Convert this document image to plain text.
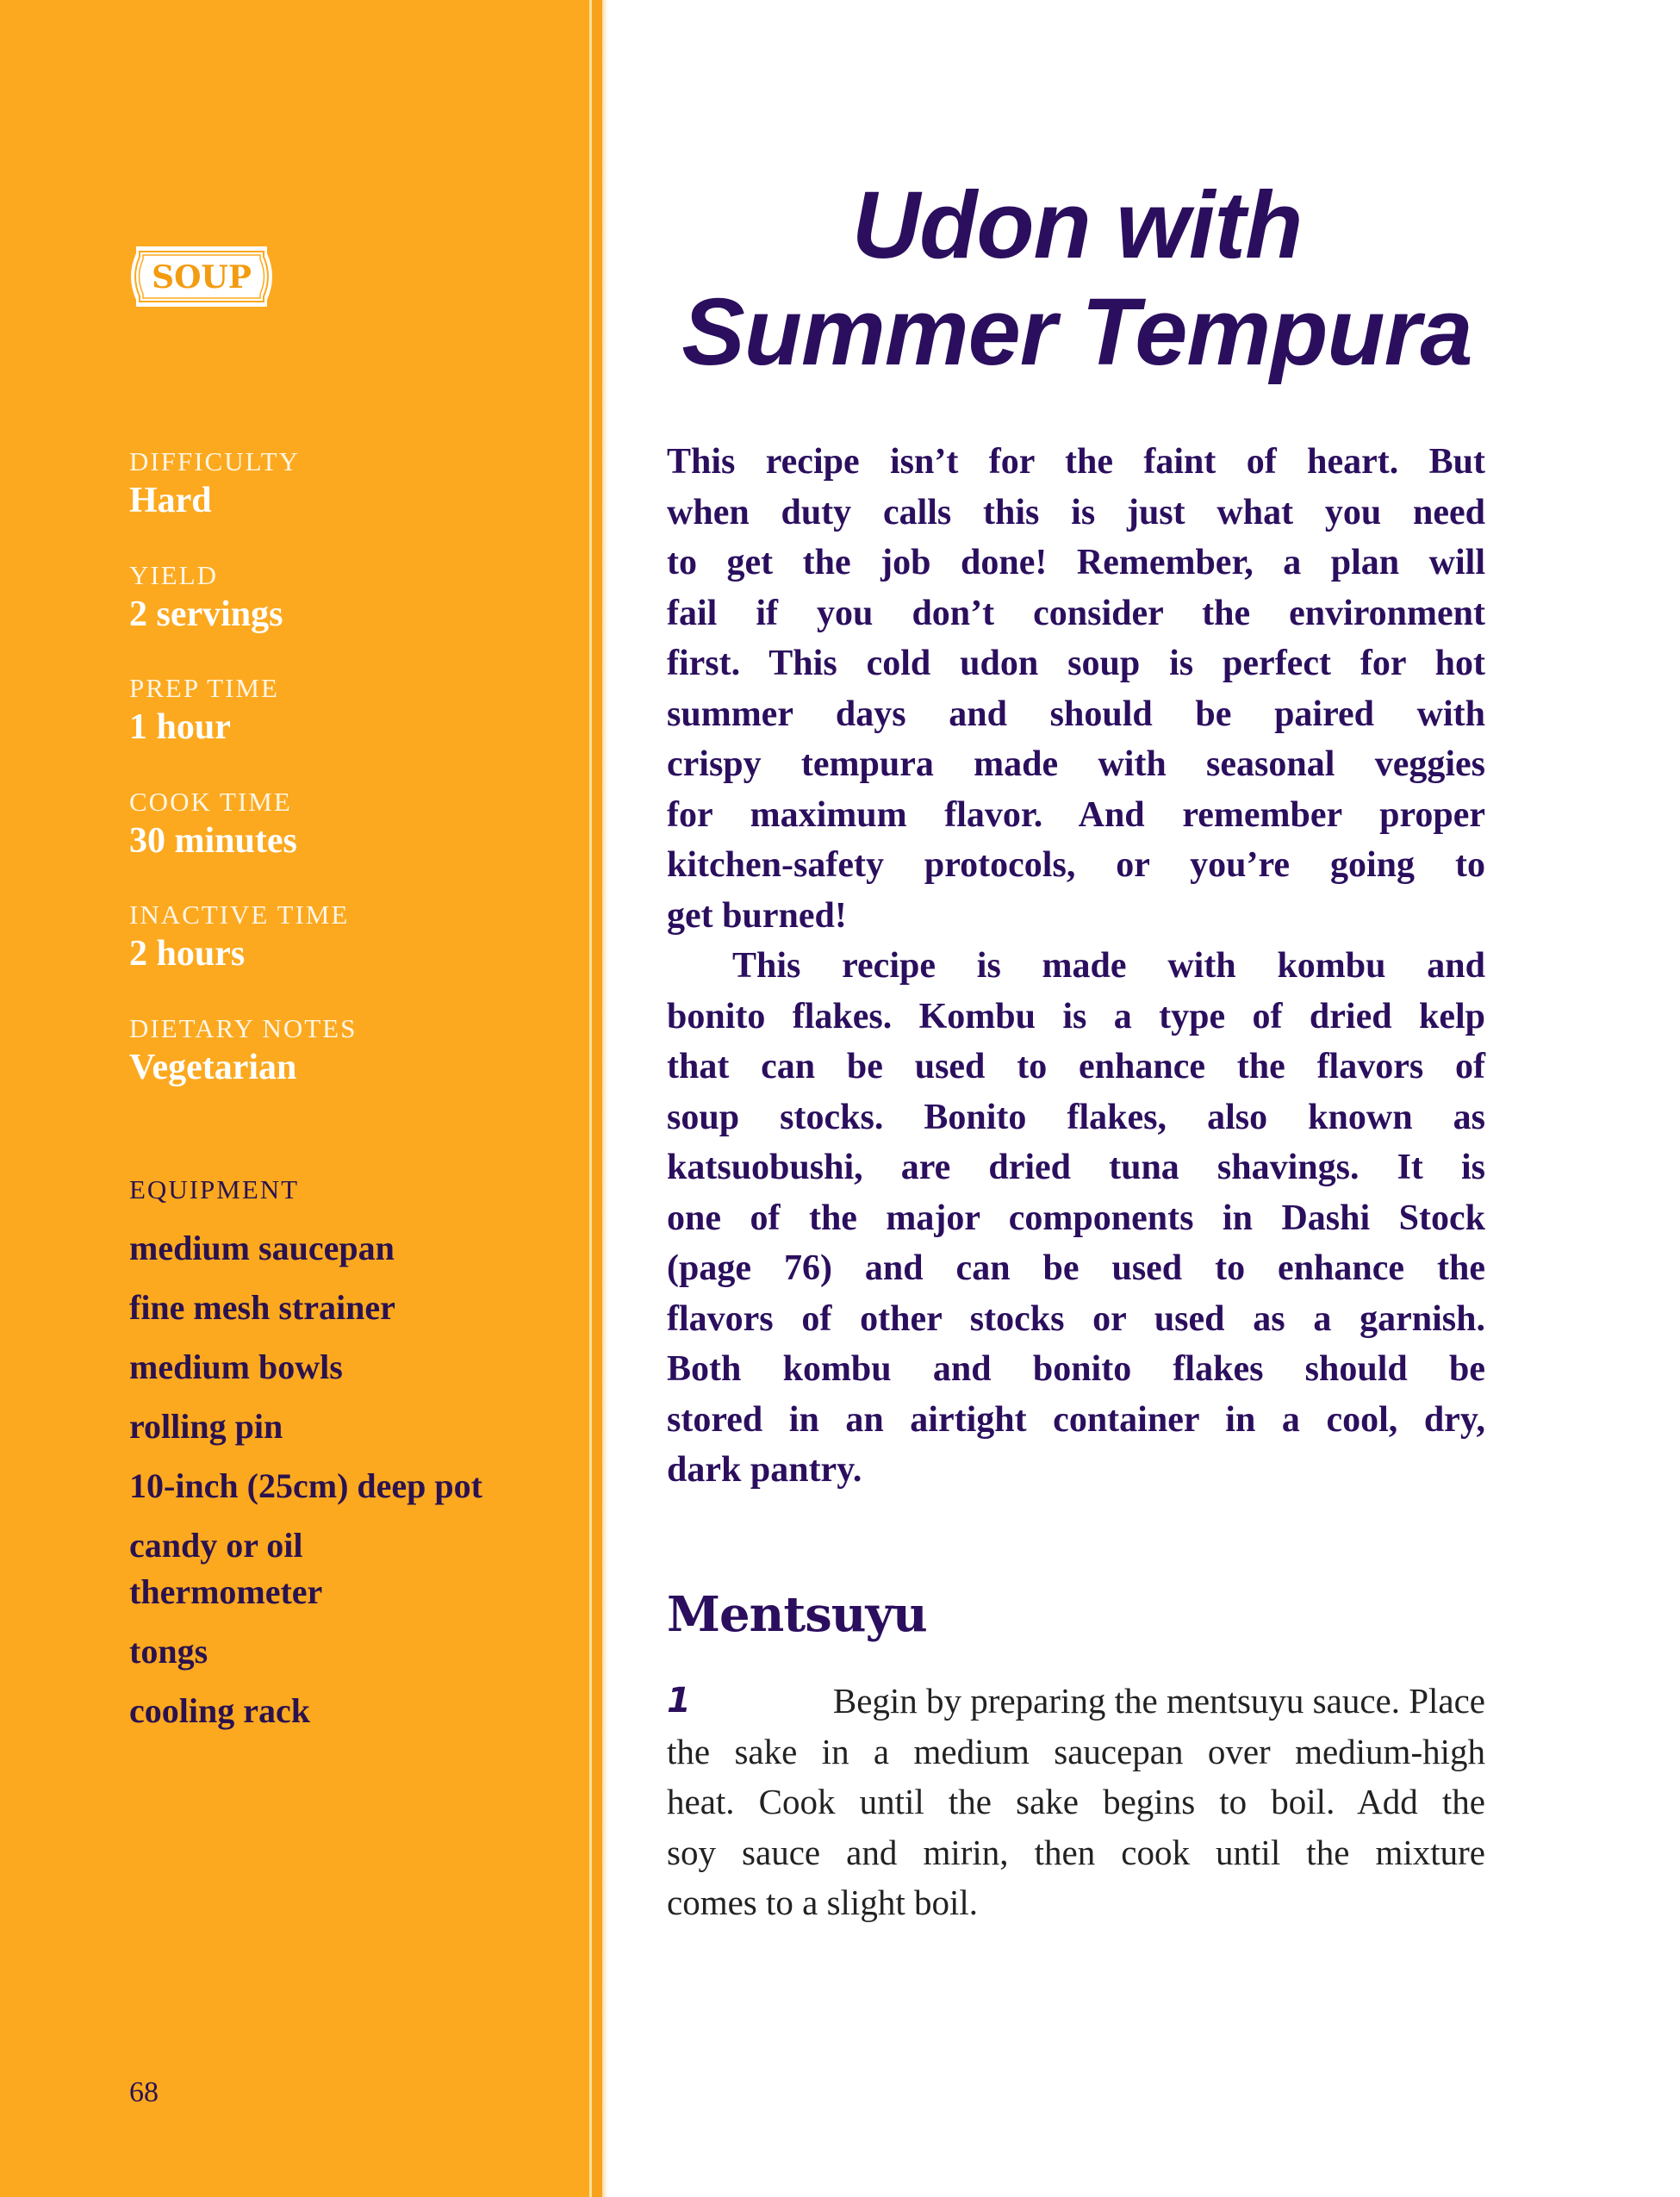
SOUP
DIFFICULTY
Hard
YIELD
2 servings
PREP TIME
1 hour
COOK TIME
30 minutes
INACTIVE TIME
2 hours
DIETARY NOTES
Vegetarian
EQUIPMENT
medium saucepan
fine mesh strainer
medium bowls
rolling pin
10-inch (25cm) deep pot
candy or oil thermometer
tongs
cooling rack
68
Udon with
Summer Tempura
This recipe isn’t for the faint of heart. But
when duty calls this is just what you need
to get the job done! Remember, a plan will
fail if you don’t consider the environment
first. This cold udon soup is perfect for hot
summer days and should be paired with
crispy tempura made with seasonal veggies
for maximum flavor. And remember proper
kitchen-safety protocols, or you’re going to
get burned!
This recipe is made with kombu and
bonito flakes. Kombu is a type of dried kelp
that can be used to enhance the flavors of
soup stocks. Bonito flakes, also known as
katsuobushi, are dried tuna shavings. It is
one of the major components in Dashi Stock
(page 76) and can be used to enhance the
flavors of other stocks or used as a garnish.
Both kombu and bonito flakes should be
stored in an airtight container in a cool, dry,
dark pantry.
Mentsuyu
1	Begin by preparing the mentsuyu sauce. Place
the sake in a medium saucepan over medium-high
heat. Cook until the sake begins to boil. Add the
soy sauce and mirin, then cook until the mixture
comes to a slight boil.
